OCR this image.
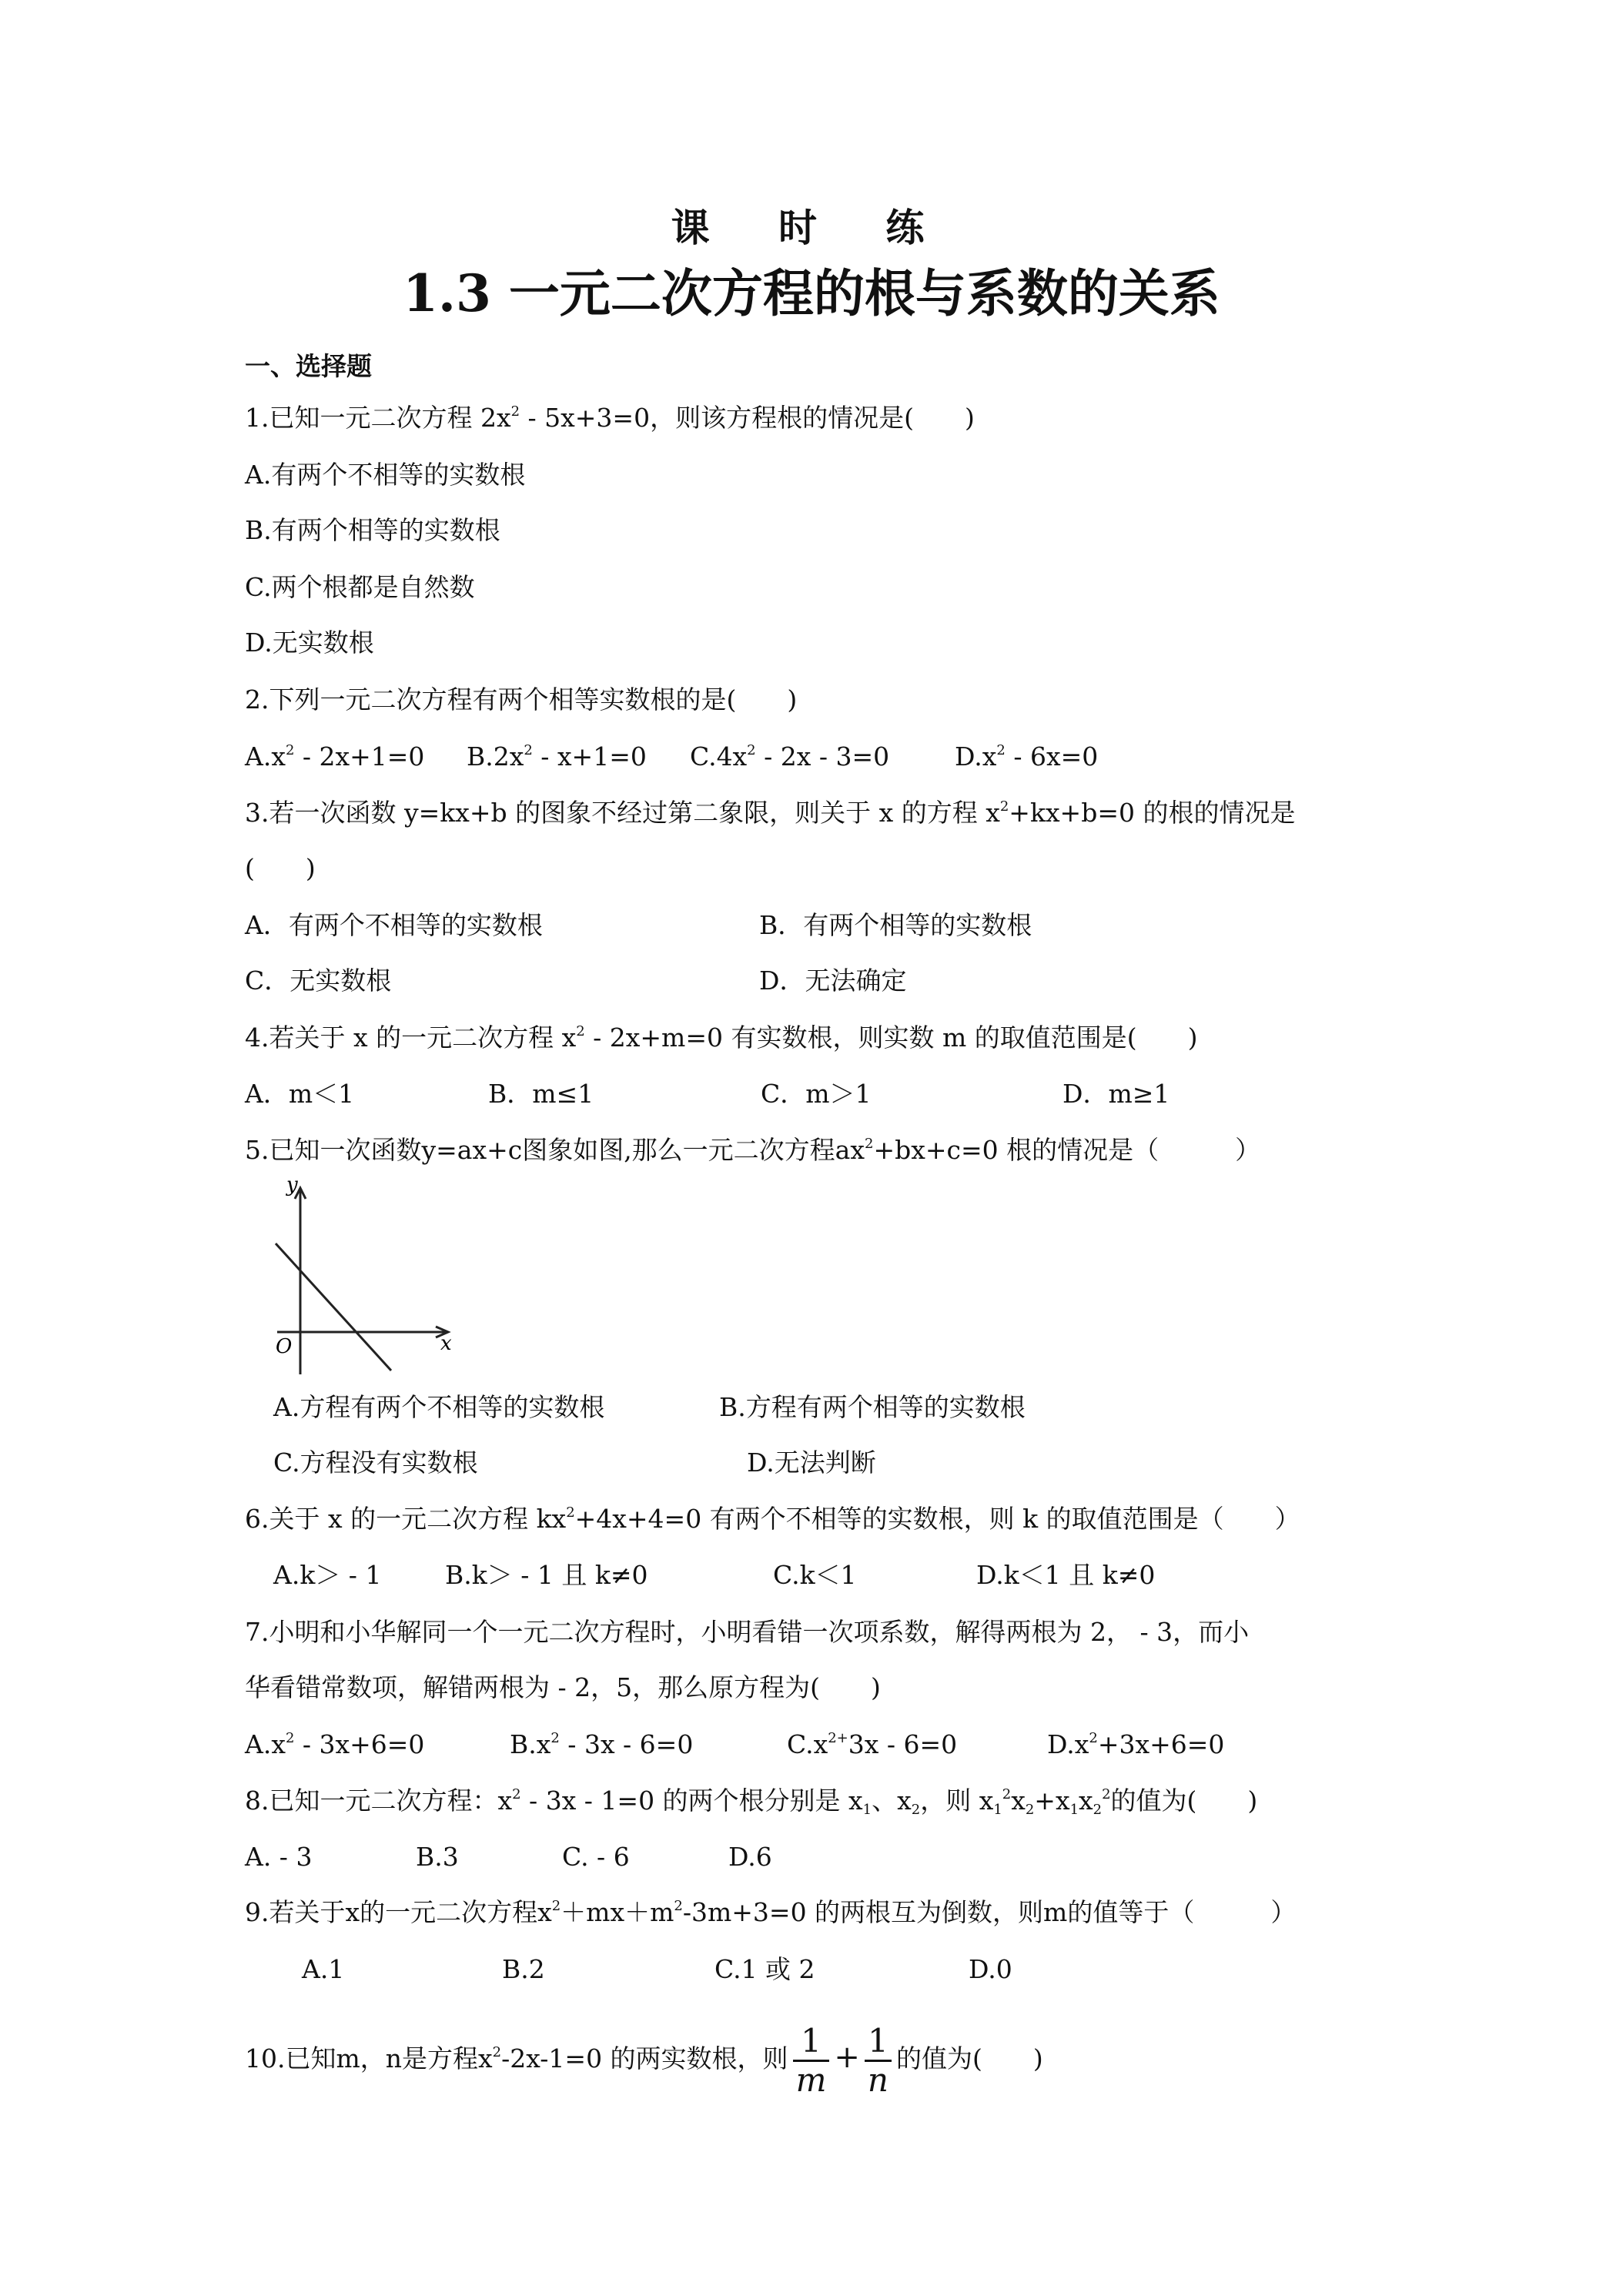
课 时 练
1.3 一元二次方程的根与系数的关系
一、选择题
1.已知一元二次方程 $2x^2 - 5x+3=0$，则该方程根的情况是(　　)
A.有两个不相等的实数根
B.有两个相等的实数根
C.两个根都是自然数
D.无实数根
2.下列一元二次方程有两个相等实数根的是(　　)
$A.x^2 - 2x+1=0$ $B.2x^2 - x+1=0$ $C.4x^2 - 2x - 3=0$	$D.x^2 - 6x=0$
3.若一次函数 y=kx+b 的图象不经过第二象限，则关于 x 的方程 $x^2+kx+b=0$ 的根的情况是
(　　)
A．有两个不相等的实数根	B．有两个相等的实数根
C．无实数根	D．无法确定
4.若关于 x 的一元二次方程 $x^2 - 2x+m=0$ 有实数根，则实数 m 的取值范围是(　　)
A．m＜1	B．m≤1	C．m＞1	D．m≥1
5.已知一次函数y=ax+c图象如图,那么一元二次方程$ax^2+bx+c=0$ 根的情况是（　　　）
y
x
O
A.方程有两个不相等的实数根	B.方程有两个相等的实数根
C.方程没有实数根	D.无法判断
6.关于 x 的一元二次方程 $kx^2+4x+4=0$ 有两个不相等的实数根，则 k 的取值范围是（　　）
A.k＞ - 1	B.k＞ - 1 且 k≠0	C.k＜1	D.k＜1 且 k≠0
7.小明和小华解同一个一元二次方程时，小明看错一次项系数，解得两根为 2， - 3，而小
华看错常数项，解错两根为 - 2，5，那么原方程为(　　)
$A.x^2 - 3x+6=0$	$B.x^2 - 3x - 6=0$	$C.x^{2+}3x - 6=0$	$D.x^2+3x+6=0$
8.已知一元二次方程：$x^2 - 3x - 1=0$ 的两个根分别是 $x_1$、$x_2$，则 $x_1^2x_2+x_1x_2^2$的值为(　　)
A. - 3	B.3	C. - 6	D.6
9.若关于x的一元二次方程$x^2+mx+m^2-3m+3=0$ 的两根互为倒数，则m的值等于（　　　）
A.1	B.2	C.1 或 2	D.0
10.已知m，n是方程$x^2-2x-1=0$ 的两实数根，则 $\frac{1}{m} + \frac{1}{n}$ 的值为(　　)
